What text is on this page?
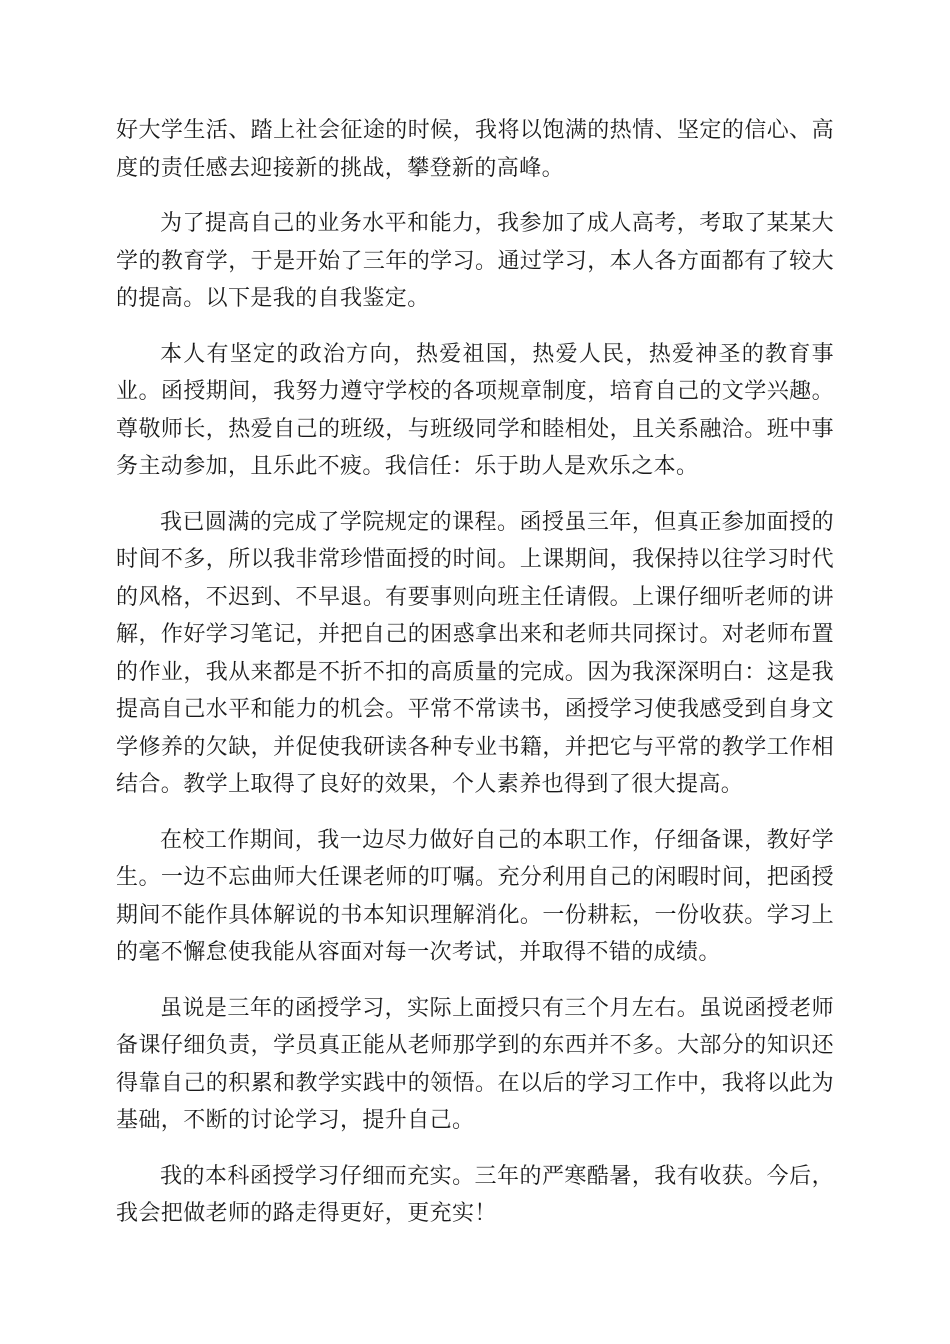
好大学生活、踏上社会征途的时候，我将以饱满的热情、坚定的信心、高度的责任感去迎接新的挑战，攀登新的高峰。

为了提高自己的业务水平和能力，我参加了成人高考，考取了某某大学的教育学，于是开始了三年的学习。通过学习，本人各方面都有了较大的提高。以下是我的自我鉴定。

本人有坚定的政治方向，热爱祖国，热爱人民，热爱神圣的教育事业。函授期间，我努力遵守学校的各项规章制度，培育自己的文学兴趣。尊敬师长，热爱自己的班级，与班级同学和睦相处，且关系融洽。班中事务主动参加，且乐此不疲。我信任：乐于助人是欢乐之本。

我已圆满的完成了学院规定的课程。函授虽三年，但真正参加面授的时间不多，所以我非常珍惜面授的时间。上课期间，我保持以往学习时代的风格，不迟到、不早退。有要事则向班主任请假。上课仔细听老师的讲解，作好学习笔记，并把自己的困惑拿出来和老师共同探讨。对老师布置的作业，我从来都是不折不扣的高质量的完成。因为我深深明白：这是我提高自己水平和能力的机会。平常不常读书，函授学习使我感受到自身文学修养的欠缺，并促使我研读各种专业书籍，并把它与平常的教学工作相结合。教学上取得了良好的效果，个人素养也得到了很大提高。

在校工作期间，我一边尽力做好自己的本职工作，仔细备课，教好学生。一边不忘曲师大任课老师的叮嘱。充分利用自己的闲暇时间，把函授期间不能作具体解说的书本知识理解消化。一份耕耘，一份收获。学习上的毫不懈怠使我能从容面对每一次考试，并取得不错的成绩。

虽说是三年的函授学习，实际上面授只有三个月左右。虽说函授老师备课仔细负责，学员真正能从老师那学到的东西并不多。大部分的知识还得靠自己的积累和教学实践中的领悟。在以后的学习工作中，我将以此为基础，不断的讨论学习，提升自己。

我的本科函授学习仔细而充实。三年的严寒酷暑，我有收获。今后，我会把做老师的路走得更好，更充实！
